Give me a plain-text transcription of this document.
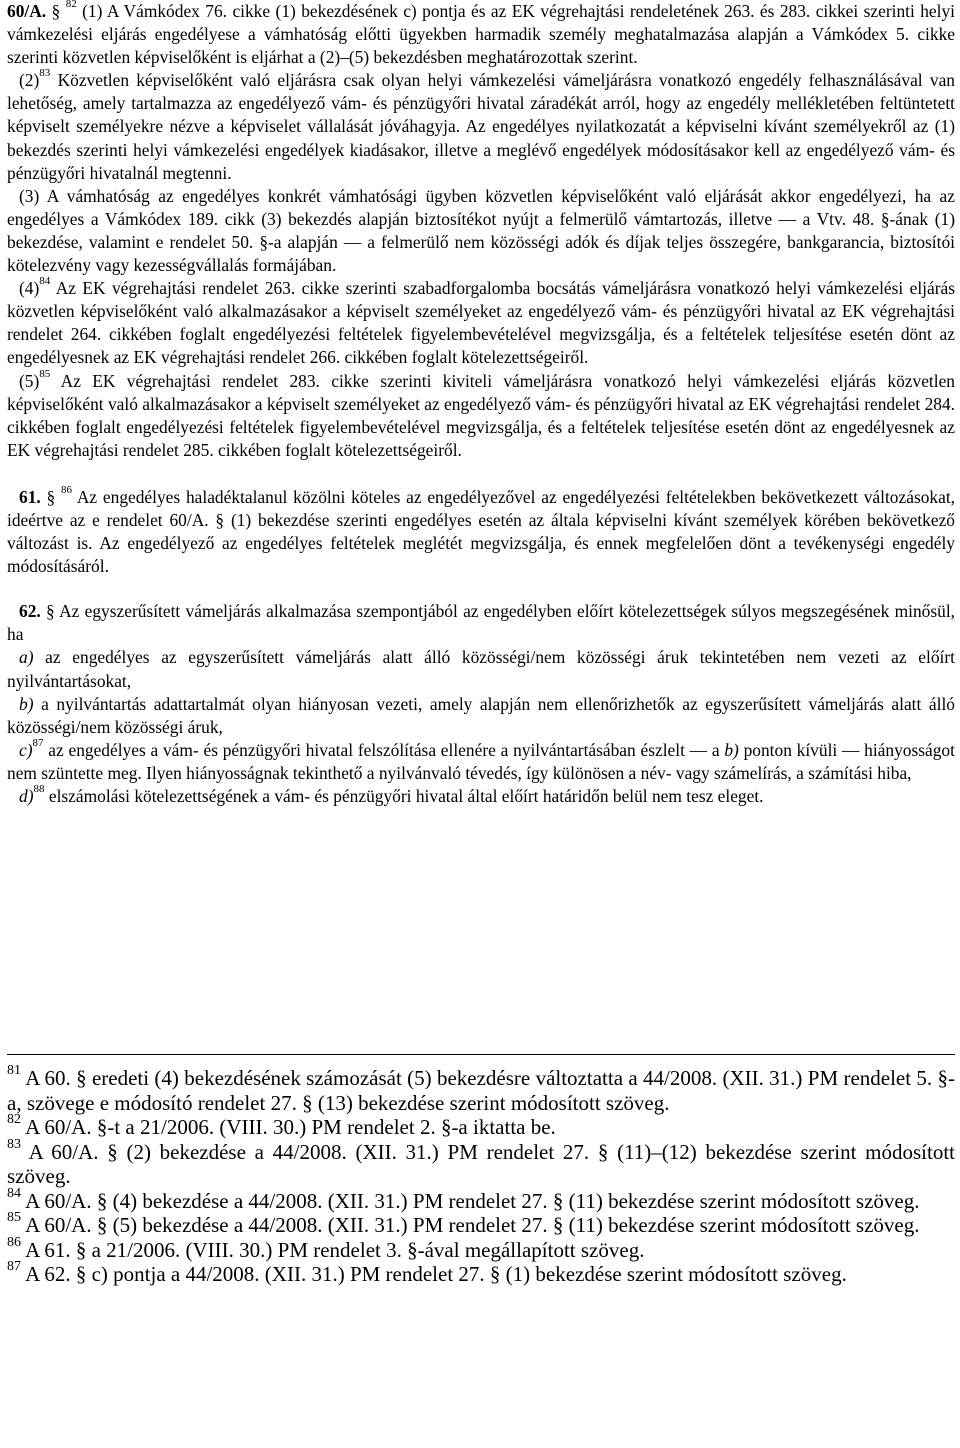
60/A. § $^{82}$ (1) A Vámkódex 76. cikke (1) bekezdésének c) pontja és az EK végrehajtási rendeletének 263. és 283. cikkei szerinti helyi vámkezelési eljárás engedélyese a vámhatóság előtti ügyekben harmadik személy meghatalmazása alapján a Vámkódex 5. cikke szerinti közvetlen képviselőként is eljárhat a (2)–(5) bekezdésben meghatározottak szerint.

$(2)^{83}$ Közvetlen képviselőként való eljárásra csak olyan helyi vámkezelési vámeljárásra vonatkozó engedély felhasználásával van lehetőség, amely tartalmazza az engedélyező vám- és pénzügyőri hivatal záradékát arról, hogy az engedély mellékletében feltüntetett képviselt személyekre nézve a képviselet vállalását jóváhagyja. Az engedélyes nyilatkozatát a képviselni kívánt személyekről az (1) bekezdés szerinti helyi vámkezelési engedélyek kiadásakor, illetve a meglévő engedélyek módosításakor kell az engedélyező vám- és pénzügyőri hivatalnál megtenni.

(3) A vámhatóság az engedélyes konkrét vámhatósági ügyben közvetlen képviselőként való eljárását akkor engedélyezi, ha az engedélyes a Vámkódex 189. cikk (3) bekezdés alapján biztosítékot nyújt a felmerülő vámtartozás, illetve — a Vtv. 48. §-ának (1) bekezdése, valamint e rendelet 50. §-a alapján — a felmerülő nem közösségi adók és díjak teljes összegére, bankgarancia, biztosítói kötelezvény vagy kezességvállalás formájában.

$(4)^{84}$ Az EK végrehajtási rendelet 263. cikke szerinti szabadforgalomba bocsátás vámeljárásra vonatkozó helyi vámkezelési eljárás közvetlen képviselőként való alkalmazásakor a képviselt személyeket az engedélyező vám- és pénzügyőri hivatal az EK végrehajtási rendelet 264. cikkében foglalt engedélyezési feltételek figyelembevételével megvizsgálja, és a feltételek teljesítése esetén dönt az engedélyesnek az EK végrehajtási rendelet 266. cikkében foglalt kötelezettségeiről.

$(5)^{85}$ Az EK végrehajtási rendelet 283. cikke szerinti kiviteli vámeljárásra vonatkozó helyi vámkezelési eljárás közvetlen képviselőként való alkalmazásakor a képviselt személyeket az engedélyező vám- és pénzügyőri hivatal az EK végrehajtási rendelet 284. cikkében foglalt engedélyezési feltételek figyelembevételével megvizsgálja, és a feltételek teljesítése esetén dönt az engedélyesnek az EK végrehajtási rendelet 285. cikkében foglalt kötelezettségeiről.

61. § $^{86}$ Az engedélyes haladéktalanul közölni köteles az engedélyezővel az engedélyezési feltételekben bekövetkezett változásokat, ideértve az e rendelet 60/A. § (1) bekezdése szerinti engedélyes esetén az általa képviselni kívánt személyek körében bekövetkező változást is. Az engedélyező az engedélyes feltételek meglétét megvizsgálja, és ennek megfelelően dönt a tevékenységi engedély módosításáról.

62. § Az egyszerűsített vámeljárás alkalmazása szempontjából az engedélyben előírt kötelezettségek súlyos megszegésének minősül, ha

a) az engedélyes az egyszerűsített vámeljárás alatt álló közösségi/nem közösségi áruk tekintetében nem vezeti az előírt nyilvántartásokat,

b) a nyilvántartás adattartalmát olyan hiányosan vezeti, amely alapján nem ellenőrizhetők az egyszerűsített vámeljárás alatt álló közösségi/nem közösségi áruk,

c)$^{87}$ az engedélyes a vám- és pénzügyőri hivatal felszólítása ellenére a nyilvántartásában észlelt — a b) ponton kívüli — hiányosságot nem szüntette meg. Ilyen hiányosságnak tekinthető a nyilvánvaló tévedés, így különösen a név- vagy számelírás, a számítási hiba,

d)$^{88}$ elszámolási kötelezettségének a vám- és pénzügyőri hivatal által előírt határidőn belül nem tesz eleget.

$^{81}$ A 60. § eredeti (4) bekezdésének számozását (5) bekezdésre változtatta a 44/2008. (XII. 31.) PM rendelet 5. §-a, szövege e módosító rendelet 27. § (13) bekezdése szerint módosított szöveg.

$^{82}$ A 60/A. §-t a 21/2006. (VIII. 30.) PM rendelet 2. §-a iktatta be.

$^{83}$ A 60/A. § (2) bekezdése a 44/2008. (XII. 31.) PM rendelet 27. § (11)–(12) bekezdése szerint módosított szöveg.

$^{84}$ A 60/A. § (4) bekezdése a 44/2008. (XII. 31.) PM rendelet 27. § (11) bekezdése szerint módosított szöveg.

$^{85}$ A 60/A. § (5) bekezdése a 44/2008. (XII. 31.) PM rendelet 27. § (11) bekezdése szerint módosított szöveg.

$^{86}$ A 61. § a 21/2006. (VIII. 30.) PM rendelet 3. §-ával megállapított szöveg.

$^{87}$ A 62. § c) pontja a 44/2008. (XII. 31.) PM rendelet 27. § (1) bekezdése szerint módosított szöveg.
